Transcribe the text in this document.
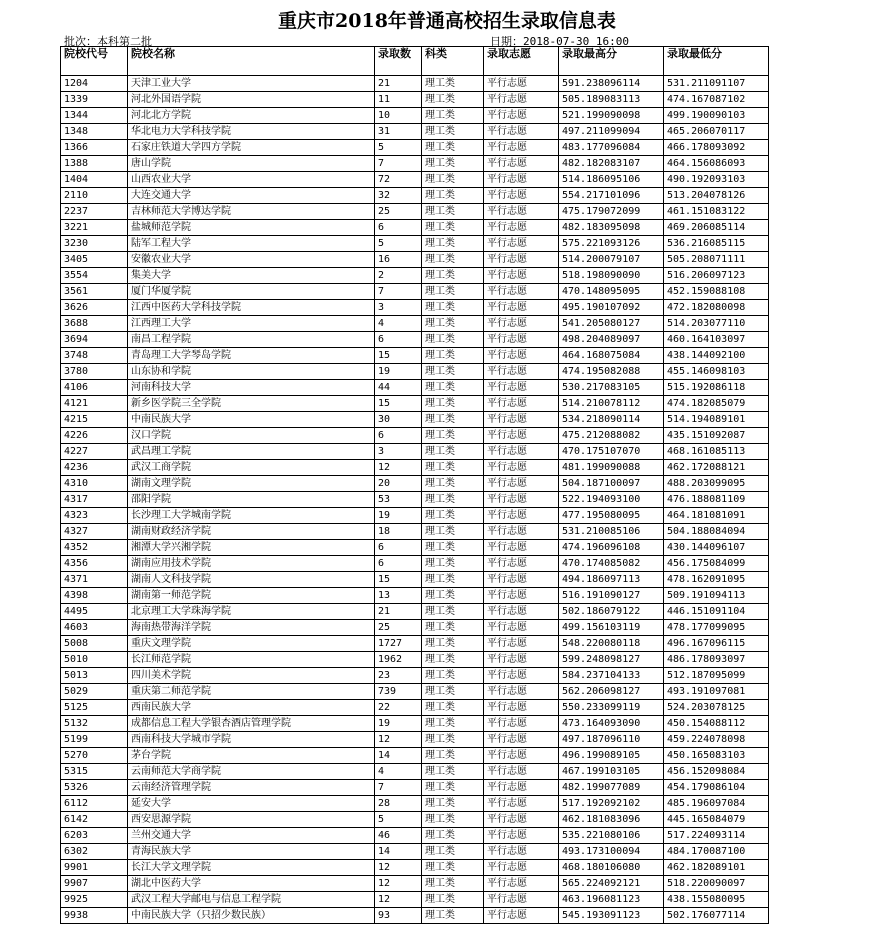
重庆市2018年普通高校招生录取信息表
批次：本科第二批	日期：2018-07-30 16:00
院校代号	院校名称	录取数	科类	录取志愿	录取最高分	录取最低分
1204	天津工业大学	21	理工类	平行志愿	591.238096114	531.211091107
1339	河北外国语学院	11	理工类	平行志愿	505.189083113	474.167087102
1344	河北北方学院	10	理工类	平行志愿	521.199090098	499.190090103
1348	华北电力大学科技学院	31	理工类	平行志愿	497.211099094	465.206070117
1366	石家庄铁道大学四方学院	5	理工类	平行志愿	483.177096084	466.178093092
1388	唐山学院	7	理工类	平行志愿	482.182083107	464.156086093
1404	山西农业大学	72	理工类	平行志愿	514.186095106	490.192093103
2110	大连交通大学	32	理工类	平行志愿	554.217101096	513.204078126
2237	吉林师范大学博达学院	25	理工类	平行志愿	475.179072099	461.151083122
3221	盐城师范学院	6	理工类	平行志愿	482.183095098	469.206085114
3230	陆军工程大学	5	理工类	平行志愿	575.221093126	536.216085115
3405	安徽农业大学	16	理工类	平行志愿	514.200079107	505.208071111
3554	集美大学	2	理工类	平行志愿	518.198090090	516.206097123
3561	厦门华厦学院	7	理工类	平行志愿	470.148095095	452.159088108
3626	江西中医药大学科技学院	3	理工类	平行志愿	495.190107092	472.182080098
3688	江西理工大学	4	理工类	平行志愿	541.205080127	514.203077110
3694	南昌工程学院	6	理工类	平行志愿	498.204089097	460.164103097
3748	青岛理工大学琴岛学院	15	理工类	平行志愿	464.168075084	438.144092100
3780	山东协和学院	19	理工类	平行志愿	474.195082088	455.146098103
4106	河南科技大学	44	理工类	平行志愿	530.217083105	515.192086118
4121	新乡医学院三全学院	15	理工类	平行志愿	514.210078112	474.182085079
4215	中南民族大学	30	理工类	平行志愿	534.218090114	514.194089101
4226	汉口学院	6	理工类	平行志愿	475.212088082	435.151092087
4227	武昌理工学院	3	理工类	平行志愿	470.175107070	468.161085113
4236	武汉工商学院	12	理工类	平行志愿	481.199090088	462.172088121
4310	湖南文理学院	20	理工类	平行志愿	504.187100097	488.203099095
4317	邵阳学院	53	理工类	平行志愿	522.194093100	476.188081109
4323	长沙理工大学城南学院	19	理工类	平行志愿	477.195080095	464.181081091
4327	湖南财政经济学院	18	理工类	平行志愿	531.210085106	504.188084094
4352	湘潭大学兴湘学院	6	理工类	平行志愿	474.196096108	430.144096107
4356	湖南应用技术学院	6	理工类	平行志愿	470.174085082	456.175084099
4371	湖南人文科技学院	15	理工类	平行志愿	494.186097113	478.162091095
4398	湖南第一师范学院	13	理工类	平行志愿	516.191090127	509.191094113
4495	北京理工大学珠海学院	21	理工类	平行志愿	502.186079122	446.151091104
4603	海南热带海洋学院	25	理工类	平行志愿	499.156103119	478.177099095
5008	重庆文理学院	1727	理工类	平行志愿	548.220080118	496.167096115
5010	长江师范学院	1962	理工类	平行志愿	599.248098127	486.178093097
5013	四川美术学院	23	理工类	平行志愿	584.237104133	512.187095099
5029	重庆第二师范学院	739	理工类	平行志愿	562.206098127	493.191097081
5125	西南民族大学	22	理工类	平行志愿	550.233099119	524.203078125
5132	成都信息工程大学银杏酒店管理学院	19	理工类	平行志愿	473.164093090	450.154088112
5199	西南科技大学城市学院	12	理工类	平行志愿	497.187096110	459.224078098
5270	茅台学院	14	理工类	平行志愿	496.199089105	450.165083103
5315	云南师范大学商学院	4	理工类	平行志愿	467.199103105	456.152098084
5326	云南经济管理学院	7	理工类	平行志愿	482.199077089	454.179086104
6112	延安大学	28	理工类	平行志愿	517.192092102	485.196097084
6142	西安思源学院	5	理工类	平行志愿	462.181083096	445.165084079
6203	兰州交通大学	46	理工类	平行志愿	535.221080106	517.224093114
6302	青海民族大学	14	理工类	平行志愿	493.173100094	484.170087100
9901	长江大学文理学院	12	理工类	平行志愿	468.180106080	462.182089101
9907	湖北中医药大学	12	理工类	平行志愿	565.224092121	518.220090097
9925	武汉工程大学邮电与信息工程学院	12	理工类	平行志愿	463.196081123	438.155080095
9938	中南民族大学（只招少数民族）	93	理工类	平行志愿	545.193091123	502.176077114
